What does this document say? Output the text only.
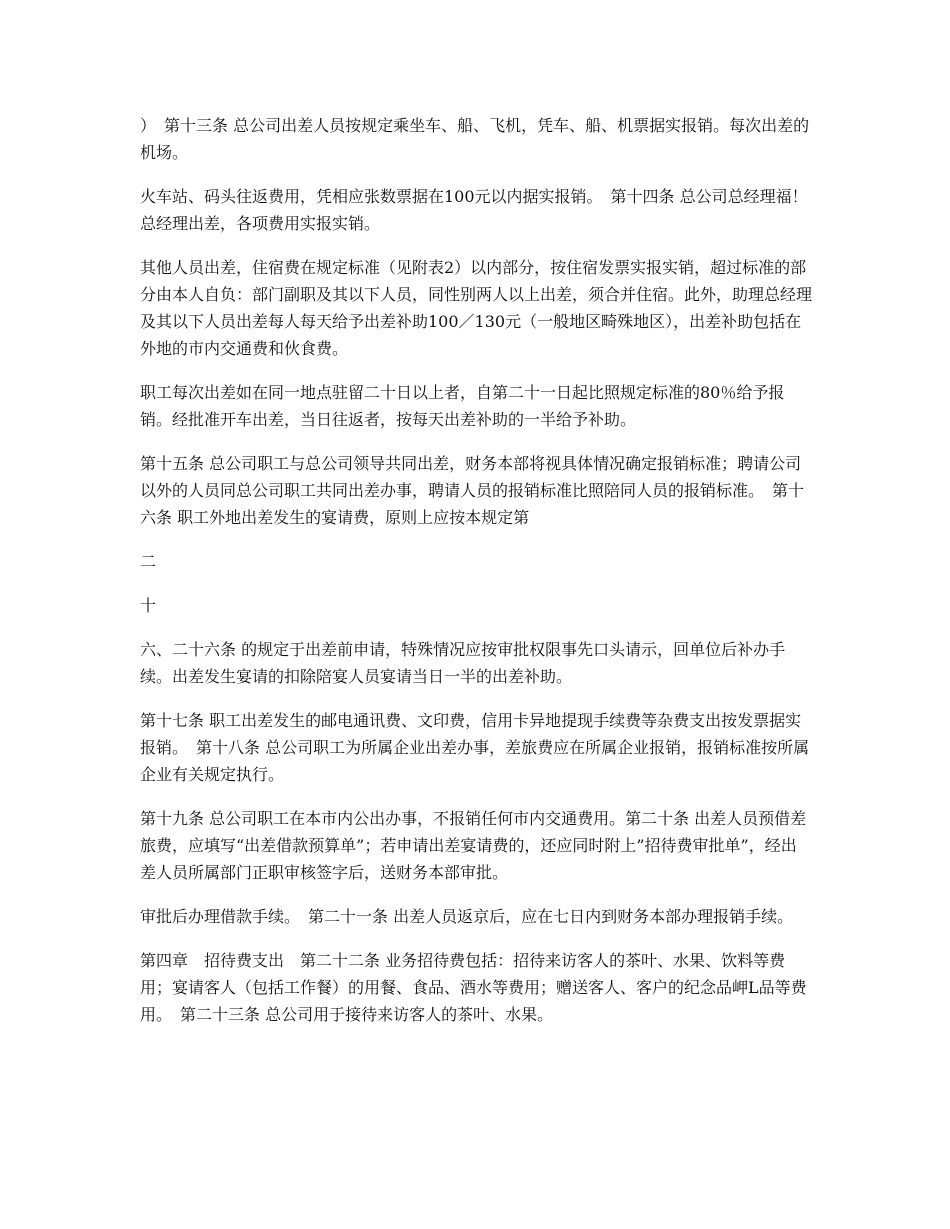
）　第十三条 总公司出差人员按规定乘坐车、船、飞机，凭车、船、机票据实报销。每次出差的机场。

火车站、码头往返费用，凭相应张数票据在100元以内据实报销。　第十四条 总公司总经理福！总经理出差，各项费用实报实销。

其他人员出差，住宿费在规定标准（见附表2）以内部分，按住宿发票实报实销，超过标准的部分由本人自负：部门副职及其以下人员，同性别两人以上出差，须合并住宿。此外，助理总经理及其以下人员出差每人每天给予出差补助100／130元（一般地区畸殊地区），出差补助包括在外地的市内交通费和伙食费。

职工每次出差如在同一地点驻留二十日以上者，自第二十一日起比照规定标准的80％给予报销。经批准开车出差，当日往返者，按每天出差补助的一半给予补助。

第十五条 总公司职工与总公司领导共同出差，财务本部将视具体情况确定报销标准；聘请公司以外的人员同总公司职工共同出差办事，聘请人员的报销标准比照陪同人员的报销标准。　第十六条 职工外地出差发生的宴请费，原则上应按本规定第

二

十

六、二十六条 的规定于出差前申请，特殊情况应按审批权限事先口头请示，回单位后补办手续。出差发生宴请的扣除陪宴人员宴请当日一半的出差补助。

第十七条 职工出差发生的邮电通讯费、文印费，信用卡异地提现手续费等杂费支出按发票据实报销。　第十八条 总公司职工为所属企业出差办事，差旅费应在所属企业报销，报销标准按所属企业有关规定执行。

第十九条 总公司职工在本市内公出办事，不报销任何市内交通费用。第二十条 出差人员预借差旅费，应填写“出差借款预算单”；若申请出差宴请费的，还应同时附上”招待费审批单”，经出差人员所属部门正职审核签字后，送财务本部审批。

审批后办理借款手续。　第二十一条 出差人员返京后，应在七日内到财务本部办理报销手续。

第四章　招待费支出　第二十二条 业务招待费包括：招待来访客人的茶叶、水果、饮料等费用；宴请客人（包括工作餐）的用餐、食品、酒水等费用；赠送客人、客户的纪念品岬L品等费用。　第二十三条 总公司用于接待来访客人的茶叶、水果。
